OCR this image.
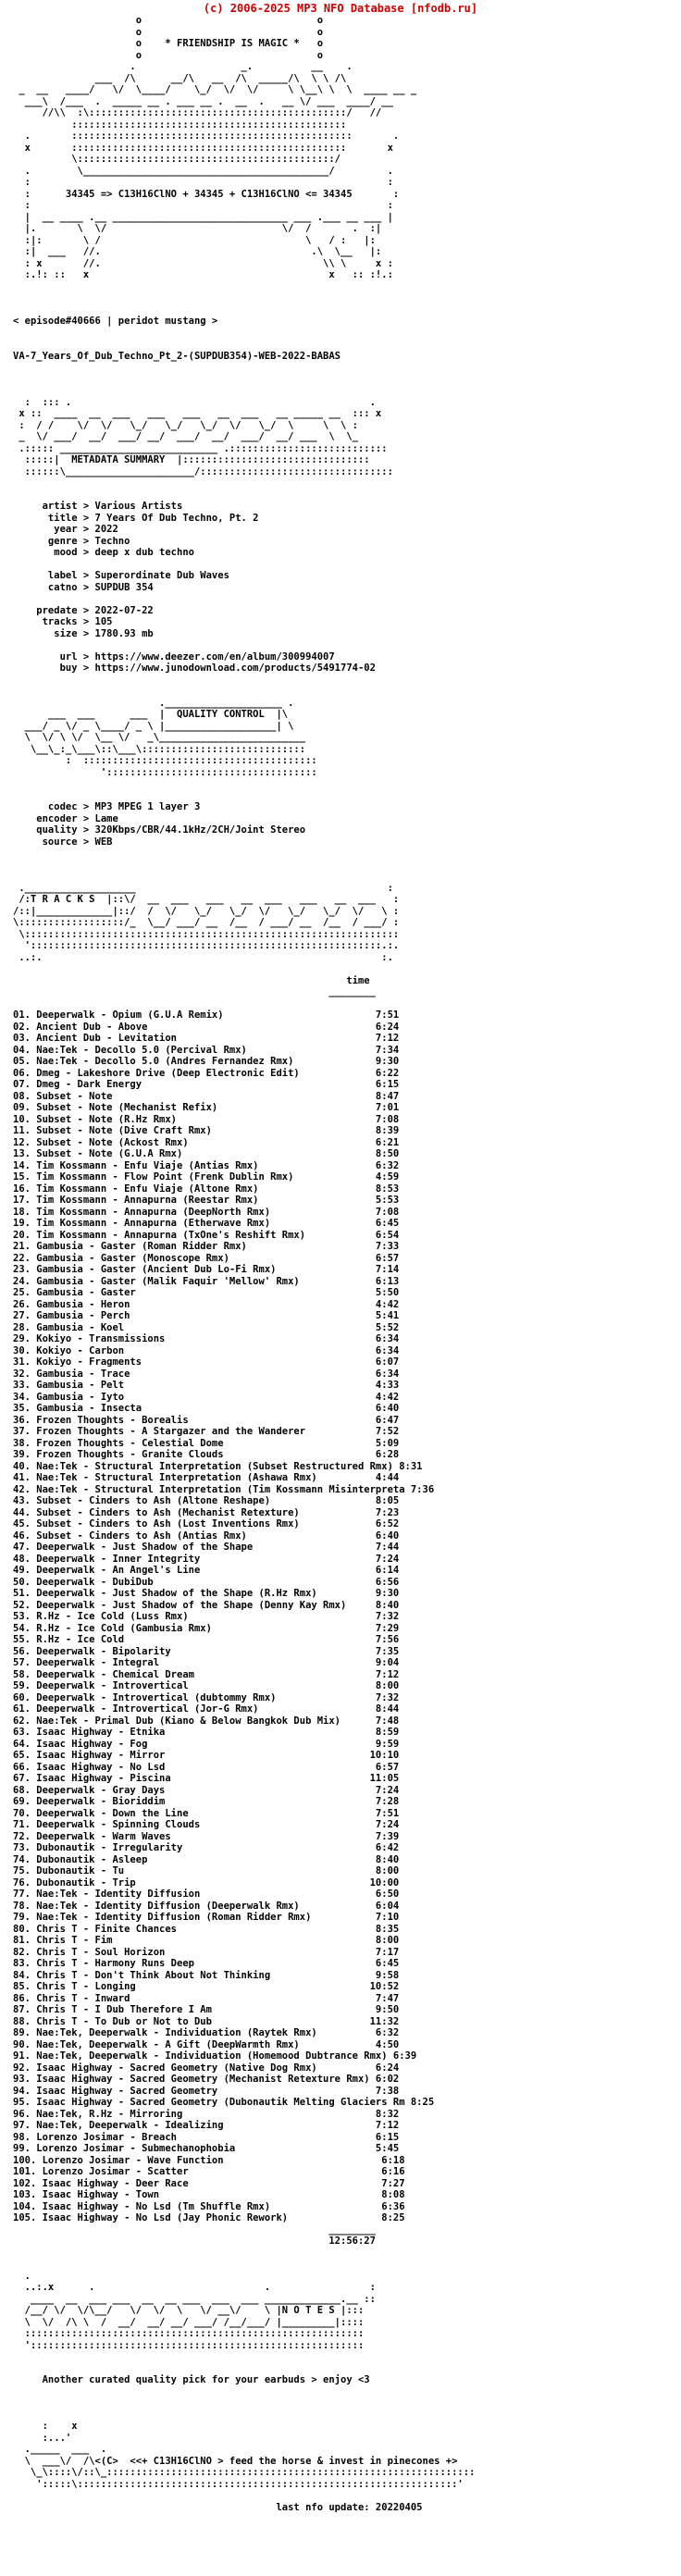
(c) 2006-2025 MP3 NFO Database [nfodb.ru]
o                              o
o                              o
o    * FRIENDSHIP IS MAGIC *   o
o                              o
.                  _.          __    .
___  /\      __/\   __  /\  _____/\  \ \ /\
_  __   ____/   \/  \____/    \_/  \/  \/     \ \__\ \  \  ____ __ _
___\  /___  .  _____ __ . ___ __ .  __  .   __ \/ ___  ____/ __
//\\  :\::::::::::::::::::::::::::::::::::::::::::::/   //
:::::::::::::::::::::::::::::::::::::::::::::::
.       ::::::::::::::::::::::::::::::::::::::::::::::::       .
x       :::::::::::::::::::::::::::::::::::::::::::::::       x
\::::::::::::::::::::::::::::::::::::::::::::/
.        \__________________________________________/         .
:                                                             :
:      34345 => C13H16ClNO + 34345 + C13H16ClNO <= 34345       :
:                                                             :
|  __ ____ .__ ______________________________ ___ .___ __ ___ |
|.       \  \/                              \/  /       .  :|
:|:       \ /                                   \   / :   |:
:|  ___   //.                                    .\  \__   |:
: x       //.                                      \\ \     x :
:.!: ::   x                                         x   :: :!.:

< episode#40666 | peridot mustang >

VA-7_Years_Of_Dub_Techno_Pt_2-(SUPDUB354)-WEB-2022-BABAS

:  ::: .                                                   .
x ::  ____  __  ___   ___   ___   __  ___   __ _____ __  ::: x
:  / /    \/  \/   \_/   \_/   \_/  \/   \_/  \     \  \ :
_  \/ ___/  __/  ___/ __/  ___/  __/  ___/  __/ ___  \  \_
.::::: ___________________________ .:::::::::::::::::::::::::::
:::::|  METADATA SUMMARY  |::::::::::::::::::::::::::::::::
::::::\______________________/:::::::::::::::::::::::::::::::::

artist > Various Artists
title > 7 Years Of Dub Techno, Pt. 2
year > 2022
genre > Techno
mood > deep x dub techno

label > Superordinate Dub Waves
catno > SUPDUB 354

predate > 2022-07-22
tracks > 105
size > 1780.93 mb

url > https://www.deezer.com/en/album/300994007
buy > https://www.junodownload.com/products/5491774-02

.____________________ .
___  ___      ___  |  QUALITY CONTROL  |\
___/ _ \/ _ \____/ _ \ |___________________| \
\  \/ \ \/  \__ \/   _\_________________________
\__\_:_\___\::\___\::::::::::::::::::::::::::::
:  ::::::::::::::::::::::::::::::::::::::::
'::::::::::::::::::::::::::::::::::::

codec > MP3 MPEG 1 layer 3
encoder > Lame
quality > 320Kbps/CBR/44.1kHz/2CH/Joint Stereo
source > WEB

.___________________                                           :
/:T R A C K S  |::\/  __  ___   ___   __  ___   ___   __  ___   :
/::|_____________|::/  /  \/   \_/   \_/  \/   \_/   \_/  \/   \ :
\::::::::::::::::::/_  \__/ ___/ __  /__  / ___/ __  /__  / ___/ :
\::::::::::::::::::::::::::::::::::::::::::::::::::::::::::::::::
'::::::::::::::::::::::::::::::::::::::::::::::::::::::::::::.:.
..:.                                                          :.

time
________

01. Deeperwalk - Opium (G.U.A Remix)                          7:51
02. Ancient Dub - Above                                       6:24
03. Ancient Dub - Levitation                                  7:12
04. Nae:Tek - Decollo 5.0 (Percival Rmx)                      7:34
05. Nae:Tek - Decollo 5.0 (Andres Fernandez Rmx)              9:30
06. Dmeg - Lakeshore Drive (Deep Electronic Edit)             6:22
07. Dmeg - Dark Energy                                        6:15
08. Subset - Note                                             8:47
09. Subset - Note (Mechanist Refix)                           7:01
10. Subset - Note (R.Hz Rmx)                                  7:08
11. Subset - Note (Dive Craft Rmx)                            8:39
12. Subset - Note (Ackost Rmx)                                6:21
13. Subset - Note (G.U.A Rmx)                                 8:50
14. Tim Kossmann - Enfu Viaje (Antias Rmx)                    6:32
15. Tim Kossmann - Flow Point (Frenk Dublin Rmx)              4:59
16. Tim Kossmann - Enfu Viaje (Altone Rmx)                    8:53
17. Tim Kossmann - Annapurna (Reestar Rmx)                    5:53
18. Tim Kossmann - Annapurna (DeepNorth Rmx)                  7:08
19. Tim Kossmann - Annapurna (Etherwave Rmx)                  6:45
20. Tim Kossmann - Annapurna (TxOne's Reshift Rmx)            6:54
21. Gambusia - Gaster (Roman Ridder Rmx)                      7:33
22. Gambusia - Gaster (Monoscope Rmx)                         6:57
23. Gambusia - Gaster (Ancient Dub Lo-Fi Rmx)                 7:14
24. Gambusia - Gaster (Malik Faquir 'Mellow' Rmx)             6:13
25. Gambusia - Gaster                                         5:50
26. Gambusia - Heron                                          4:42
27. Gambusia - Perch                                          5:41
28. Gambusia - Koel                                           5:52
29. Kokiyo - Transmissions                                    6:34
30. Kokiyo - Carbon                                           6:34
31. Kokiyo - Fragments                                        6:07
32. Gambusia - Trace                                          6:34
33. Gambusia - Pelt                                           4:33
34. Gambusia - Iyto                                           4:42
35. Gambusia - Insecta                                        6:40
36. Frozen Thoughts - Borealis                                6:47
37. Frozen Thoughts - A Stargazer and the Wanderer            7:52
38. Frozen Thoughts - Celestial Dome                          5:09
39. Frozen Thoughts - Granite Clouds                          6:28
40. Nae:Tek - Structural Interpretation (Subset Restructured Rmx) 8:31
41. Nae:Tek - Structural Interpretation (Ashawa Rmx)          4:44
42. Nae:Tek - Structural Interpretation (Tim Kossmann Misinterpreta 7:36
43. Subset - Cinders to Ash (Altone Reshape)                  8:05
44. Subset - Cinders to Ash (Mechanist Retexture)             7:23
45. Subset - Cinders to Ash (Lost Inventions Rmx)             6:52
46. Subset - Cinders to Ash (Antias Rmx)                      6:40
47. Deeperwalk - Just Shadow of the Shape                     7:44
48. Deeperwalk - Inner Integrity                              7:24
49. Deeperwalk - An Angel's Line                              6:14
50. Deeperwalk - DubiDub                                      6:56
51. Deeperwalk - Just Shadow of the Shape (R.Hz Rmx)          9:30
52. Deeperwalk - Just Shadow of the Shape (Denny Kay Rmx)     8:40
53. R.Hz - Ice Cold (Luss Rmx)                                7:32
54. R.Hz - Ice Cold (Gambusia Rmx)                            7:29
55. R.Hz - Ice Cold                                           7:56
56. Deeperwalk - Bipolarity                                   7:35
57. Deeperwalk - Integral                                     9:04
58. Deeperwalk - Chemical Dream                               7:12
59. Deeperwalk - Introvertical                                8:00
60. Deeperwalk - Introvertical (dubtommy Rmx)                 7:32
61. Deeperwalk - Introvertical (Jor-G Rmx)                    8:44
62. Nae:Tek - Primal Dub (Kiano & Below Bangkok Dub Mix)      7:48
63. Isaac Highway - Etnika                                    8:59
64. Isaac Highway - Fog                                       9:59
65. Isaac Highway - Mirror                                   10:10
66. Isaac Highway - No Lsd                                    6:57
67. Isaac Highway - Piscina                                  11:05
68. Deeperwalk - Gray Days                                    7:24
69. Deeperwalk - Bioriddim                                    7:28
70. Deeperwalk - Down the Line                                7:51
71. Deeperwalk - Spinning Clouds                              7:24
72. Deeperwalk - Warm Waves                                   7:39
73. Dubonautik - Irregularity                                 6:42
74. Dubonautik - Asleep                                       8:40
75. Dubonautik - Tu                                           8:00
76. Dubonautik - Trip                                        10:00
77. Nae:Tek - Identity Diffusion                              6:50
78. Nae:Tek - Identity Diffusion (Deeperwalk Rmx)             6:04
79. Nae:Tek - Identity Diffusion (Roman Ridder Rmx)           7:10
80. Chris T - Finite Chances                                  8:35
81. Chris T - Fim                                             8:00
82. Chris T - Soul Horizon                                    7:17
83. Chris T - Harmony Runs Deep                               6:45
84. Chris T - Don't Think About Not Thinking                  9:58
85. Chris T - Longing                                        10:52
86. Chris T - Inward                                          7:47
87. Chris T - I Dub Therefore I Am                            9:50
88. Chris T - To Dub or Not to Dub                           11:32
89. Nae:Tek, Deeperwalk - Individuation (Raytek Rmx)          6:32
90. Nae:Tek, Deeperwalk - A Gift (DeepWarmth Rmx)             4:50
91. Nae:Tek, Deeperwalk - Individuation (Homemood Dubtrance Rmx) 6:39
92. Isaac Highway - Sacred Geometry (Native Dog Rmx)          6:24
93. Isaac Highway - Sacred Geometry (Mechanist Retexture Rmx) 6:02
94. Isaac Highway - Sacred Geometry                           7:38
95. Isaac Highway - Sacred Geometry (Dubonautik Melting Glaciers Rm 8:25
96. Nae:Tek, R.Hz - Mirroring                                 8:32
97. Nae:Tek, Deeperwalk - Idealizing                          7:12
98. Lorenzo Josimar - Breach                                  6:15
99. Lorenzo Josimar - Submechanophobia                        5:45
100. Lorenzo Josimar - Wave Function                           6:18
101. Lorenzo Josimar - Scatter                                 6:16
102. Isaac Highway - Deer Race                                 7:27
103. Isaac Highway - Town                                      8:08
104. Isaac Highway - No Lsd (Tm Shuffle Rmx)                   6:36
105. Isaac Highway - No Lsd (Jay Phonic Rework)                8:25
________
12:56:27

.
..:.x      .                             .                 :
____  __  ___ ___  __  __ ___  ___  ___ _____________.__ ::
/__/ \/  \/\__/   \/  \/  \   \/ __\/    \ |N O T E S |:::
\  \/  /\ \  /  __/  __/ __/ ___/ /__/___/ |_________|::::
::::::::::::::::::::::::::::::::::::::::::::::::::::::::::
':::::::::::::::::::::::::::::::::::::::::::::::::::::::::

Another curated quality pick for your earbuds > enjoy <3

:    x
:...'
._____  ___  .
\  ___\/  /\<(C>  <<+ C13H16ClNO > feed the horse & invest in pinecones +>
\_\::::\/::\_:::::::::::::::::::::::::::::::::::::::::::::::::::::::::::::::
':::::\:::::::::::::::::::::::::::::::::::::::::::::::::::::::::::::::::'

last nfo update: 20220405
